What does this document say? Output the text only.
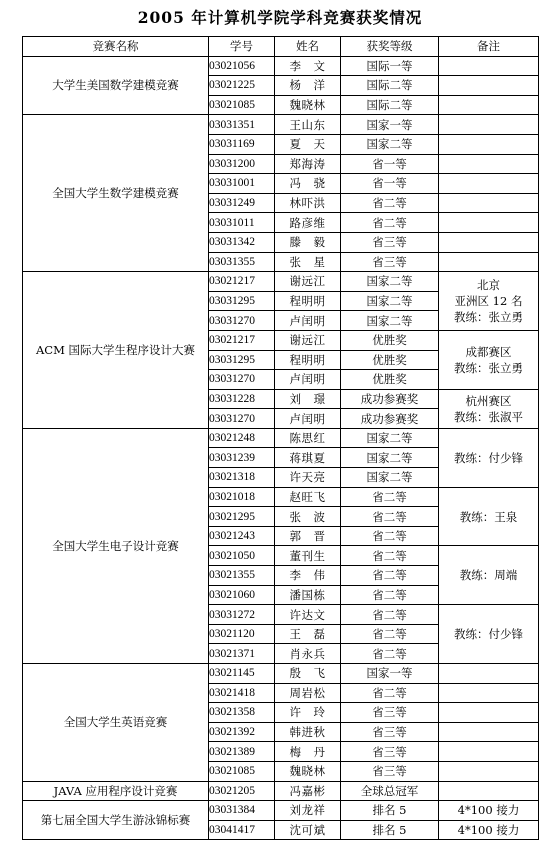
2005 年计算机学院学科竞赛获奖情况
竞赛名称	学号	姓名	获奖等级	备注
大学生美国数学建模竞赛	03021056	李　文	国际一等	
	03021225	杨　洋	国际二等	
	03021085	魏晓林	国际二等	
全国大学生数学建模竞赛	03031351	王山东	国家一等	
	03031169	夏　天	国家二等	
	03031200	郑海涛	省一等	
	03031001	冯　骁	省一等	
	03031249	林吓洪	省二等	
	03031011	路彦维	省二等	
	03031342	滕　毅	省三等	
	03031355	张　星	省三等	
ACM 国际大学生程序设计大赛	03021217	谢远江	国家二等	北京
亚洲区 12 名
教练：张立勇

	03031295	程明明	国家二等	
	03031270	卢闰明	国家二等	
	03021217	谢远江	优胜奖	成都赛区
教练：张立勇

	03031295	程明明	优胜奖	
	03031270	卢闰明	优胜奖	
	03031228	刘　璟	成功参赛奖	杭州赛区
教练：张淑平

	03031270	卢闰明	成功参赛奖	
全国大学生电子设计竞赛	03021248	陈思红	国家二等	教练：付少锋

	03031239	蒋琪夏	国家二等	
	03021318	许天亮	国家二等	
	03021018	赵旺飞	省二等	教练：王泉

	03021295	张　波	省二等	
	03021243	郭　晋	省二等	
	03021050	董刊生	省二等	教练：周端

	03021355	李　伟	省二等	
	03021060	潘国栋	省二等	
	03031272	许达文	省二等	教练：付少锋

	03021120	王　磊	省二等	
	03021371	肖永兵	省二等	
全国大学生英语竞赛	03021145	殷　飞	国家一等	
	03021418	周岩松	省二等	
	03021358	许　玲	省三等	
	03021392	韩进秋	省三等	
	03021389	梅　丹	省三等	
	03021085	魏晓林	省三等	
JAVA 应用程序设计竞赛	03021205	冯嘉彬	全球总冠军	
第七届全国大学生游泳锦标赛	03031384	刘龙祥	排名 5	4*100 接力
	03041417	沈可斌	排名 5	4*100 接力
